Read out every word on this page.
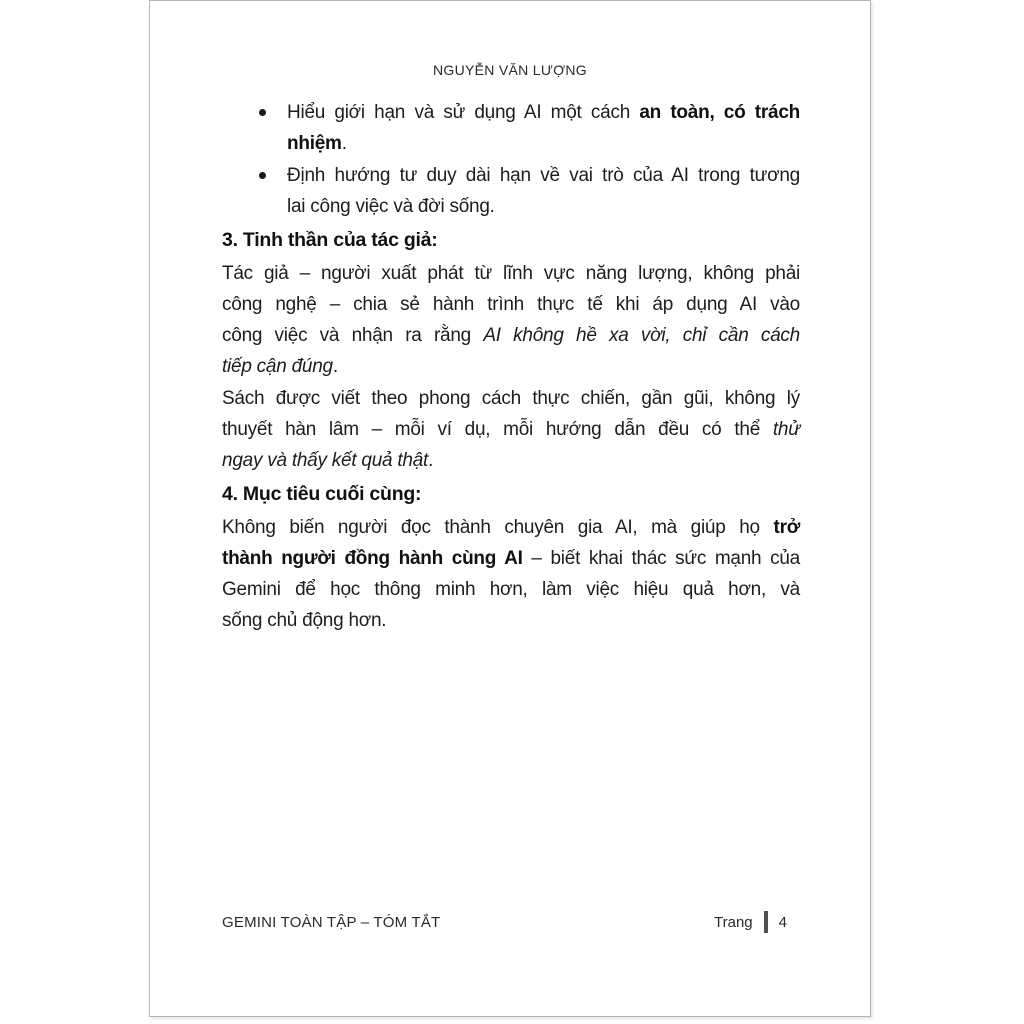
NGUYỄN VĂN LƯỢNG
Hiểu giới hạn và sử dụng AI một cách an toàn, có trách
nhiệm.
Định hướng tư duy dài hạn về vai trò của AI trong tương
lai công việc và đời sống.
3. Tinh thần của tác giả:
Tác giả – người xuất phát từ lĩnh vực năng lượng, không phải
công nghệ – chia sẻ hành trình thực tế khi áp dụng AI vào
công việc và nhận ra rằng AI không hề xa vời, chỉ cần cách
tiếp cận đúng.
Sách được viết theo phong cách thực chiến, gần gũi, không lý
thuyết hàn lâm – mỗi ví dụ, mỗi hướng dẫn đều có thể thử
ngay và thấy kết quả thật.
4. Mục tiêu cuối cùng:
Không biến người đọc thành chuyên gia AI, mà giúp họ trở
thành người đồng hành cùng AI – biết khai thác sức mạnh của
Gemini để học thông minh hơn, làm việc hiệu quả hơn, và
sống chủ động hơn.
GEMINI TOÀN TẬP – TÓM TẮT	Trang 4
